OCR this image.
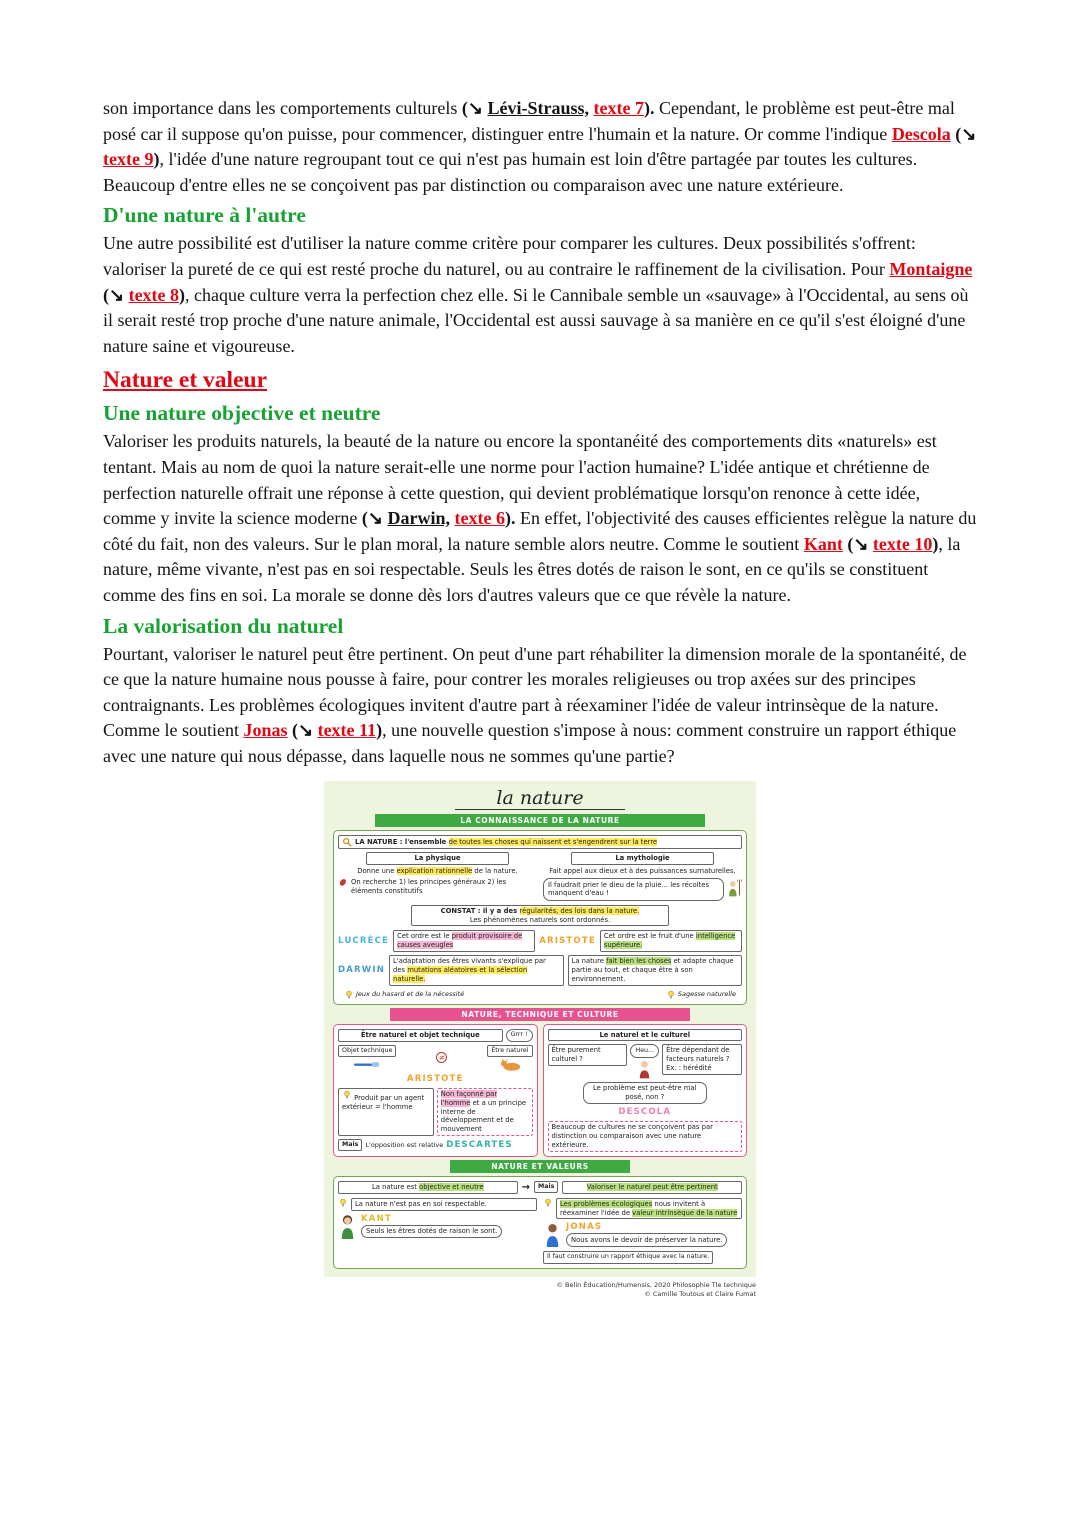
son importance dans les comportements culturels (↘ Lévi-Strauss, texte 7). Cependant, le problème est peut-être mal posé car il suppose qu'on puisse, pour commencer, distinguer entre l'humain et la nature. Or comme l'indique Descola (↘ texte 9), l'idée d'une nature regroupant tout ce qui n'est pas humain est loin d'être partagée par toutes les cultures. Beaucoup d'entre elles ne se conçoivent pas par distinction ou comparaison avec une nature extérieure.

D'une nature à l'autre

Une autre possibilité est d'utiliser la nature comme critère pour comparer les cultures. Deux possibilités s'offrent: valoriser la pureté de ce qui est resté proche du naturel, ou au contraire le raffinement de la civilisation. Pour Montaigne (↘ texte 8), chaque culture verra la perfection chez elle. Si le Cannibale semble un «sauvage» à l'Occidental, au sens où il serait resté trop proche d'une nature animale, l'Occidental est aussi sauvage à sa manière en ce qu'il s'est éloigné d'une nature saine et vigoureuse.

Nature et valeur
Une nature objective et neutre

Valoriser les produits naturels, la beauté de la nature ou encore la spontanéité des comportements dits «naturels» est tentant. Mais au nom de quoi la nature serait-elle une norme pour l'action humaine? L'idée antique et chrétienne de perfection naturelle offrait une réponse à cette question, qui devient problématique lorsqu'on renonce à cette idée, comme y invite la science moderne (↘ Darwin, texte 6). En effet, l'objectivité des causes efficientes relègue la nature du côté du fait, non des valeurs. Sur le plan moral, la nature semble alors neutre. Comme le soutient Kant (↘ texte 10), la nature, même vivante, n'est pas en soi respectable. Seuls les êtres dotés de raison le sont, en ce qu'ils se constituent comme des fins en soi. La morale se donne dès lors d'autres valeurs que ce que révèle la nature.

La valorisation du naturel

Pourtant, valoriser le naturel peut être pertinent. On peut d'une part réhabiliter la dimension morale de la spontanéité, de ce que la nature humaine nous pousse à faire, pour contrer les morales religieuses ou trop axées sur des principes contraignants. Les problèmes écologiques invitent d'autre part à réexaminer l'idée de valeur intrinsèque de la nature. Comme le soutient Jonas (↘ texte 11), une nouvelle question s'impose à nous: comment construire un rapport éthique avec une nature qui nous dépasse, dans laquelle nous ne sommes qu'une partie?

la nature
LA CONNAISSANCE DE LA NATURE
LA NATURE : l'ensemble de toutes les choses qui naissent et s'engendrent sur la terre
La physique
Donne une explication rationnelle de la nature.
On recherche 1) les principes généraux 2) les éléments constitutifs
La mythologie
Fait appel aux dieux et à des puissances surnaturelles.
Il faudrait prier le dieu de la pluie... les récoltes manquent d'eau !
CONSTAT : il y a des régularités, des lois dans la nature.
Les phénomènes naturels sont ordonnés.
LUCRÈCE	Cet ordre est le produit provisoire de causes aveugles	ARISTOTE	Cet ordre est le fruit d'une intelligence supérieure.
DARWIN
L'adaptation des êtres vivants s'explique par des mutations aléatoires et la sélection naturelle.
La nature fait bien les choses et adapte chaque partie au tout, et chaque être à son environnement.
Jeux du hasard et de la nécessité	Sagesse naturelle
NATURE, TECHNIQUE ET CULTURE
Être naturel et objet technique	Grrr !
Objet technique
≠
Être naturel
ARISTOTE
Produit par un agent extérieur = l'homme
Non façonné par l'homme et a un principe interne de développement et de mouvement
Mais	L'opposition est relative DESCARTES
Le naturel et le culturel
Être purement culturel ?
Heu...	Être dépendant de facteurs naturels ? Ex. : hérédité
Le problème est peut-être mal posé, non ?
DESCOLA
Beaucoup de cultures ne se conçoivent pas par distinction ou comparaison avec une nature extérieure.
NATURE ET VALEURS
La nature est objective et neutre	→	Mais	Valoriser le naturel peut être pertinent
La nature n'est pas en soi respectable.
KANT
Seuls les êtres dotés de raison le sont.
Les problèmes écologiques nous invitent à réexaminer l'idée de valeur intrinsèque de la nature
JONAS
Nous avons le devoir de préserver la nature.
Il faut construire un rapport éthique avec la nature.
© Belin Éducation/Humensis, 2020 Philosophie Tle technique
© Camille Toutous et Claire Fumat
